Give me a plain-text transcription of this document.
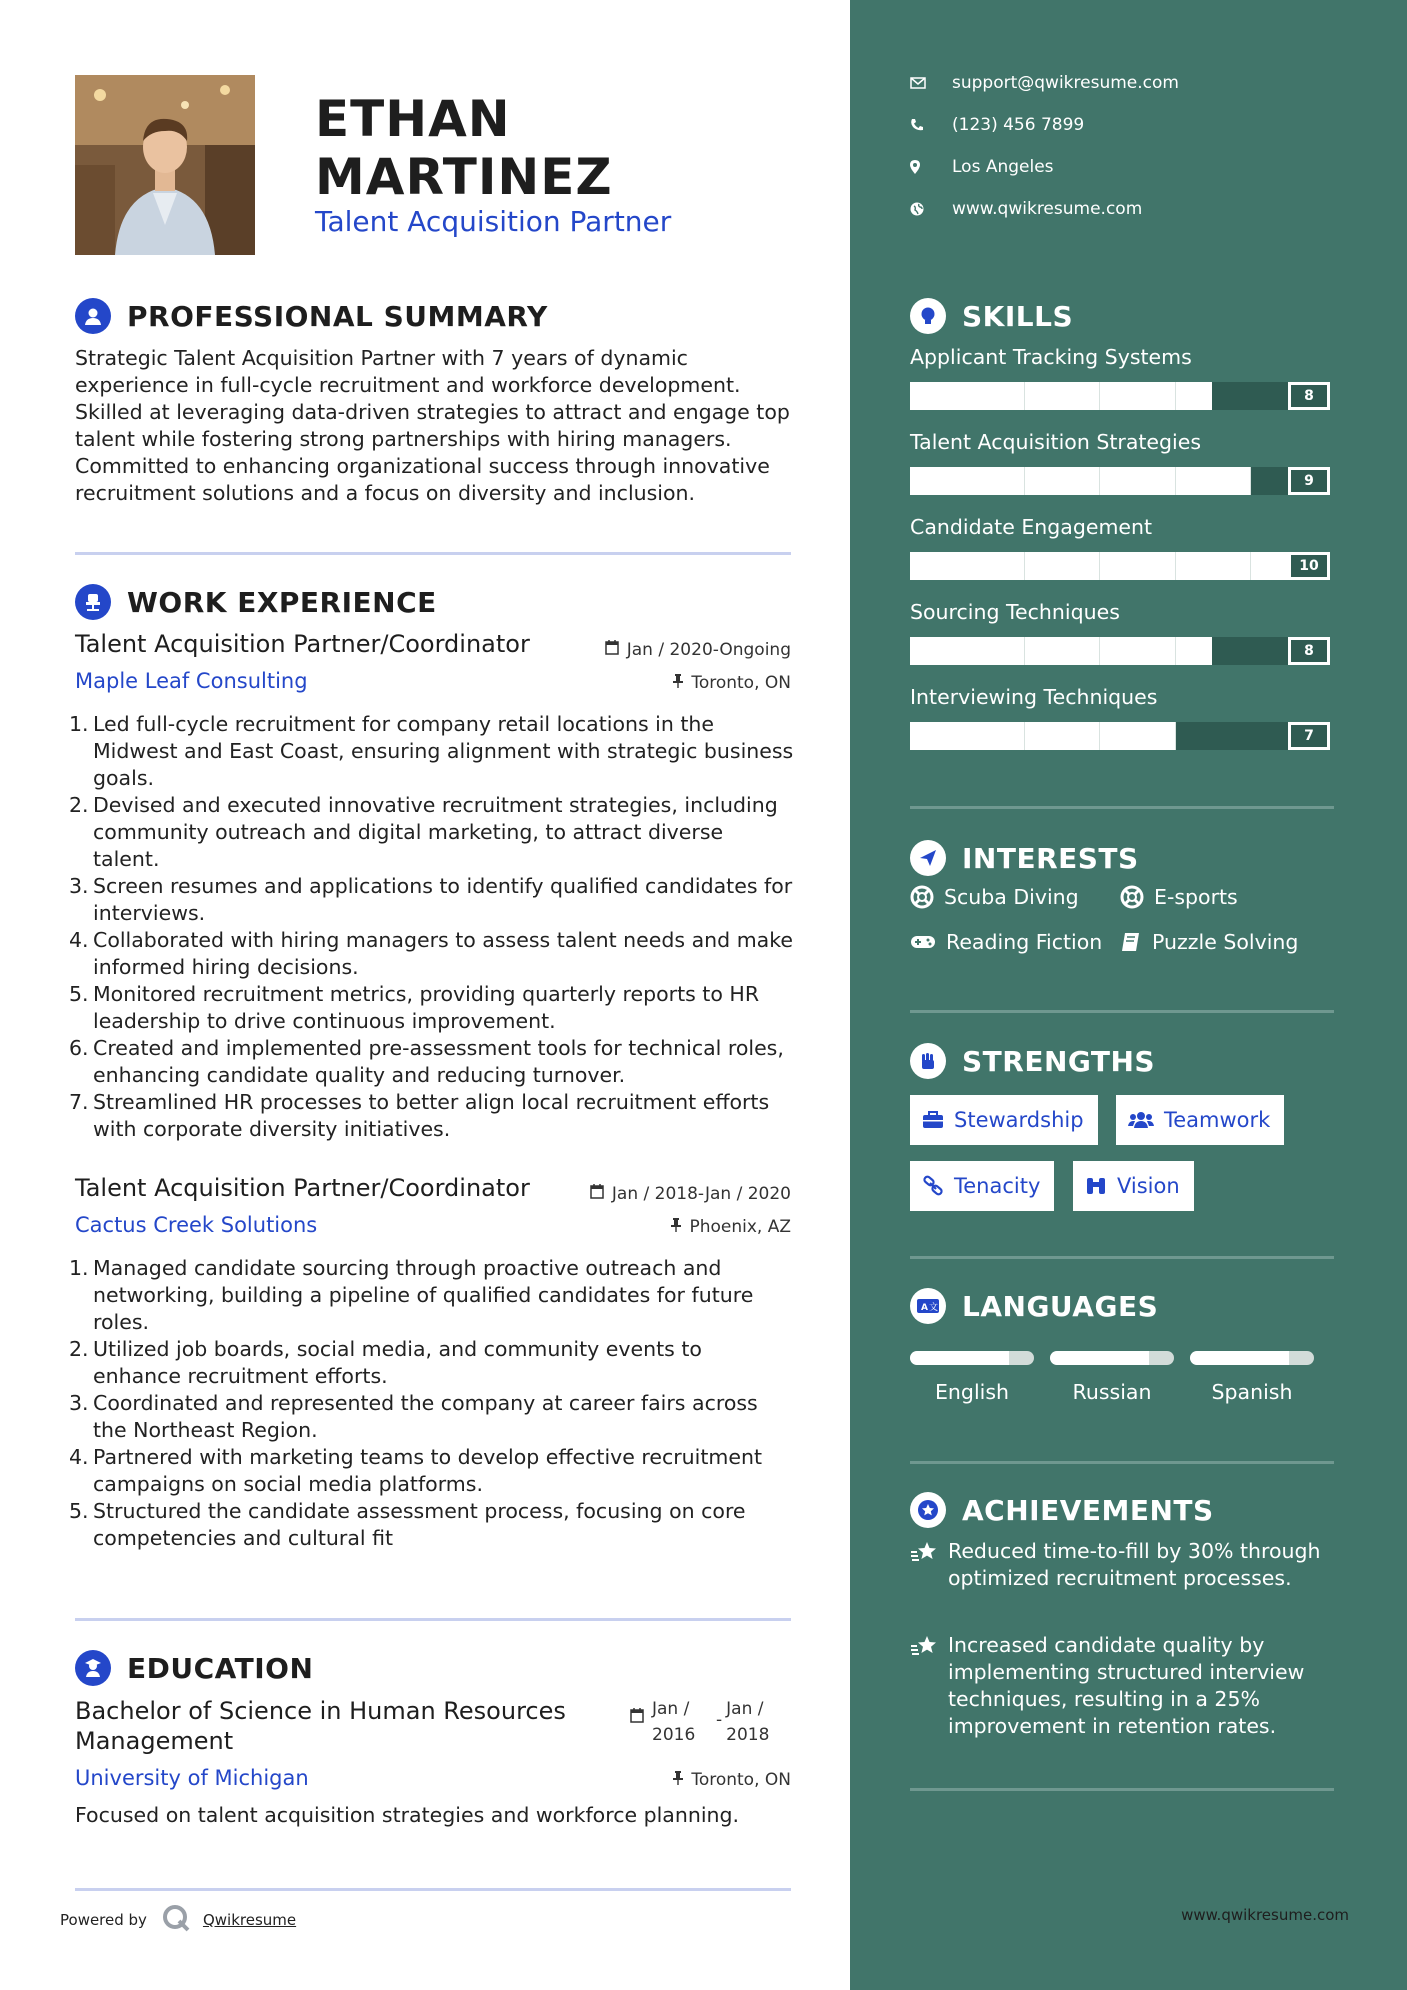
ETHAN
MARTINEZ
Talent Acquisition Partner
PROFESSIONAL SUMMARY
Strategic Talent Acquisition Partner with 7 years of dynamic experience in full-cycle recruitment and workforce development. Skilled at leveraging data-driven strategies to attract and engage top talent while fostering strong partnerships with hiring managers. Committed to enhancing organizational success through innovative recruitment solutions and a focus on diversity and inclusion.
WORK EXPERIENCE
Talent Acquisition Partner/Coordinator	Jan / 2020-Ongoing
Maple Leaf Consulting	Toronto, ON
1. Led full-cycle recruitment for company retail locations in the Midwest and East Coast, ensuring alignment with strategic business goals.
2. Devised and executed innovative recruitment strategies, including community outreach and digital marketing, to attract diverse talent.
3. Screen resumes and applications to identify qualified candidates for interviews.
4. Collaborated with hiring managers to assess talent needs and make informed hiring decisions.
5. Monitored recruitment metrics, providing quarterly reports to HR leadership to drive continuous improvement.
6. Created and implemented pre-assessment tools for technical roles, enhancing candidate quality and reducing turnover.
7. Streamlined HR processes to better align local recruitment efforts with corporate diversity initiatives.
Talent Acquisition Partner/Coordinator	Jan / 2018-Jan / 2020
Cactus Creek Solutions	Phoenix, AZ
1. Managed candidate sourcing through proactive outreach and networking, building a pipeline of qualified candidates for future roles.
2. Utilized job boards, social media, and community events to enhance recruitment efforts.
3. Coordinated and represented the company at career fairs across the Northeast Region.
4. Partnered with marketing teams to develop effective recruitment campaigns on social media platforms.
5. Structured the candidate assessment process, focusing on core competencies and cultural fit
EDUCATION
Bachelor of Science in Human Resources Management
Jan /
2016
-
Jan /
2018
University of Michigan	Toronto, ON
Focused on talent acquisition strategies and workforce planning.
Powered by	Qwikresume
support@qwikresume.com
(123) 456 7899
Los Angeles
www.qwikresume.com
SKILLS
Applicant Tracking Systems
8
Talent Acquisition Strategies
9
Candidate Engagement
10
Sourcing Techniques
8
Interviewing Techniques
7
INTERESTS
Scuba Diving	E-sports
Reading Fiction Puzzle Solving
STRENGTHS
Stewardship	Teamwork
Tenacity	Vision
A 文 LANGUAGES
English	Russian	Spanish
ACHIEVEMENTS
Reduced time-to-fill by 30% through optimized recruitment processes.
Increased candidate quality by implementing structured interview techniques, resulting in a 25% improvement in retention rates.
www.qwikresume.com
